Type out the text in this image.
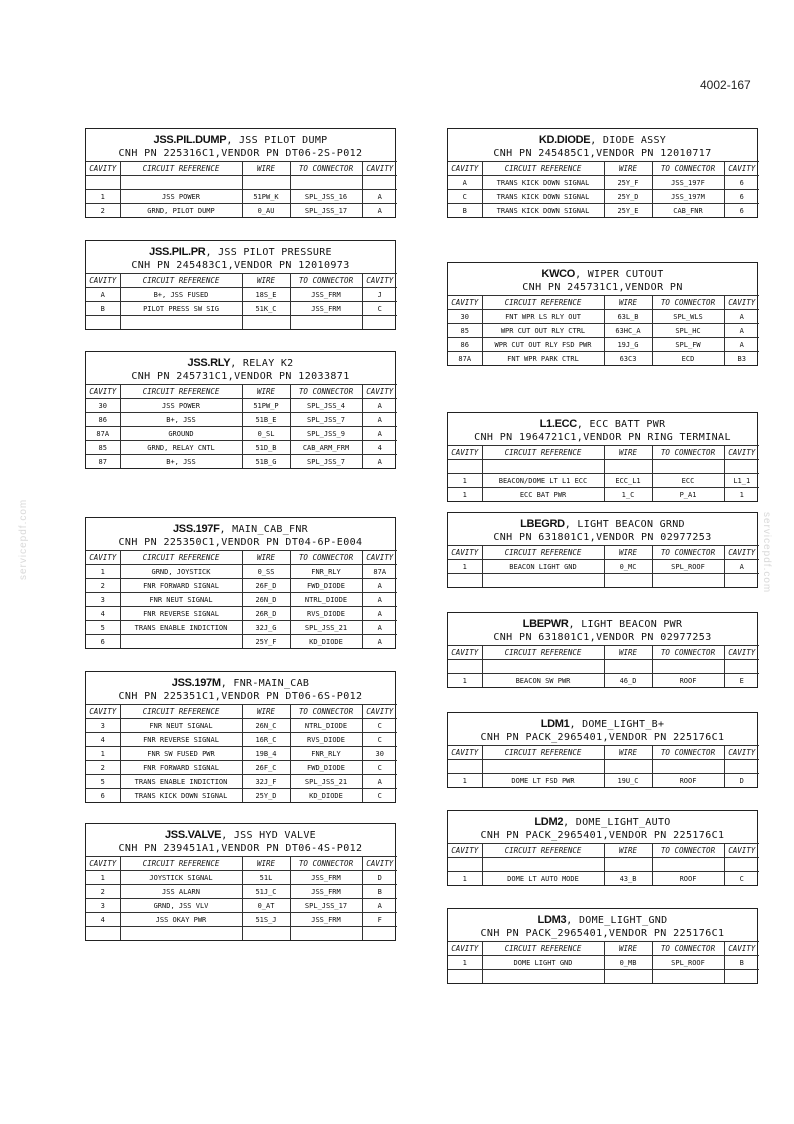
4002-167
servicepdf.com	servicepdf.com
JSS.PIL.DUMP, JSS PILOT DUMP
CNH PN 225316C1,VENDOR PN DT06-2S-P012
CAVITY	CIRCUIT REFERENCE	WIRE	TO CONNECTOR	CAVITY

1	JSS POWER	51PW_K	SPL_JSS_16	A
2	GRND, PILOT DUMP	0_AU	SPL_JSS_17	A
JSS.PIL.PR, JSS PILOT PRESSURE
CNH PN 245483C1,VENDOR PN 12010973
CAVITY	CIRCUIT REFERENCE	WIRE	TO CONNECTOR	CAVITY
A	B+, JSS FUSED	18S_E	JSS_FRM	J
B	PILOT PRESS SW SIG	51K_C	JSS_FRM	C

JSS.RLY, RELAY K2
CNH PN 245731C1,VENDOR PN 12033871
CAVITY	CIRCUIT REFERENCE	WIRE	TO CONNECTOR	CAVITY
30	JSS POWER	51PW_P	SPL_JSS_4	A
86	B+, JSS	51B_E	SPL_JSS_7	A
87A	GROUND	0_SL	SPL_JSS_9	A
85	GRND, RELAY CNTL	51D_B	CAB_ARM_FRM	4
87	B+, JSS	51B_G	SPL_JSS_7	A
JSS.197F, MAIN_CAB_FNR
CNH PN 225350C1,VENDOR PN DT04-6P-E004
CAVITY	CIRCUIT REFERENCE	WIRE	TO CONNECTOR	CAVITY
1	GRND, JOYSTICK	0_SS	FNR_RLY	87A
2	FNR FORWARD SIGNAL	26F_D	FWD_DIODE	A
3	FNR NEUT SIGNAL	26N_D	NTRL_DIODE	A
4	FNR REVERSE SIGNAL	26R_D	RVS_DIODE	A
5	TRANS ENABLE INDICTION	32J_G	SPL_JSS_21	A
6		25Y_F	KD_DIODE	A
JSS.197M, FNR-MAIN_CAB
CNH PN 225351C1,VENDOR PN DT06-6S-P012
CAVITY	CIRCUIT REFERENCE	WIRE	TO CONNECTOR	CAVITY
3	FNR NEUT SIGNAL	26N_C	NTRL_DIODE	C
4	FNR REVERSE SIGNAL	16R_C	RVS_DIODE	C
1	FNR SW FUSED PWR	19B_4	FNR_RLY	30
2	FNR FORWARD SIGNAL	26F_C	FWD_DIODE	C
5	TRANS ENABLE INDICTION	32J_F	SPL_JSS_21	A
6	TRANS KICK DOWN SIGNAL	25Y_D	KD_DIODE	C
JSS.VALVE, JSS HYD VALVE
CNH PN 239451A1,VENDOR PN DT06-4S-P012
CAVITY	CIRCUIT REFERENCE	WIRE	TO CONNECTOR	CAVITY
1	JOYSTICK SIGNAL	51L	JSS_FRM	D
2	JSS ALARN	51J_C	JSS_FRM	B
3	GRND, JSS VLV	0_AT	SPL_JSS_17	A
4	JSS OKAY PWR	51S_J	JSS_FRM	F

KD.DIODE, DIODE ASSY
CNH PN 245485C1,VENDOR PN 12010717
CAVITY	CIRCUIT REFERENCE	WIRE	TO CONNECTOR	CAVITY
A	TRANS KICK DOWN SIGNAL	25Y_F	JSS_197F	6
C	TRANS KICK DOWN SIGNAL	25Y_D	JSS_197M	6
B	TRANS KICK DOWN SIGNAL	25Y_E	CAB_FNR	6
KWCO, WIPER CUTOUT
CNH PN 245731C1,VENDOR PN
CAVITY	CIRCUIT REFERENCE	WIRE	TO CONNECTOR	CAVITY
30	FNT WPR LS RLY OUT	63L_B	SPL_WLS	A
85	WPR CUT OUT RLY CTRL	63HC_A	SPL_HC	A
86	WPR CUT OUT RLY FSD PWR	19J_G	SPL_FW	A
87A	FNT WPR PARK CTRL	63C3	ECD	B3
L1.ECC, ECC BATT PWR
CNH PN 1964721C1,VENDOR PN RING TERMINAL
CAVITY	CIRCUIT REFERENCE	WIRE	TO CONNECTOR	CAVITY

1	BEACON/DOME LT L1 ECC	ECC_L1	ECC	L1_1
1	ECC BAT PWR	1_C	P_A1	1
LBEGRD, LIGHT BEACON GRND
CNH PN 631801C1,VENDOR PN 02977253
CAVITY	CIRCUIT REFERENCE	WIRE	TO CONNECTOR	CAVITY
1	BEACON LIGHT GND	0_MC	SPL_ROOF	A

LBEPWR, LIGHT BEACON PWR
CNH PN 631801C1,VENDOR PN 02977253
CAVITY	CIRCUIT REFERENCE	WIRE	TO CONNECTOR	CAVITY

1	BEACON SW PWR	46_D	ROOF	E
LDM1, DOME_LIGHT_B+
CNH PN PACK_2965401,VENDOR PN 225176C1
CAVITY	CIRCUIT REFERENCE	WIRE	TO CONNECTOR	CAVITY

1	DOME LT FSD PWR	19U_C	ROOF	D
LDM2, DOME_LIGHT_AUTO
CNH PN PACK_2965401,VENDOR PN 225176C1
CAVITY	CIRCUIT REFERENCE	WIRE	TO CONNECTOR	CAVITY

1	DOME LT AUTO MODE	43_B	ROOF	C
LDM3, DOME_LIGHT_GND
CNH PN PACK_2965401,VENDOR PN 225176C1
CAVITY	CIRCUIT REFERENCE	WIRE	TO CONNECTOR	CAVITY
1	DOME LIGHT GND	0_MB	SPL_ROOF	B
